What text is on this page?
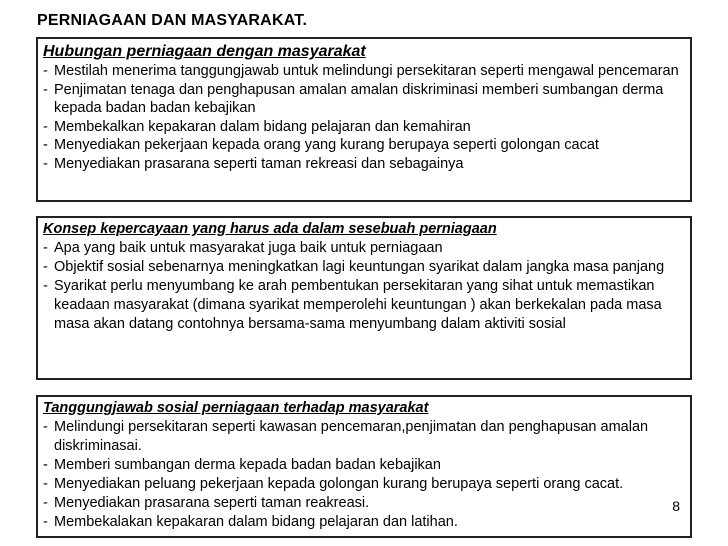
PERNIAGAAN DAN MASYARAKAT.
Hubungan perniagaan dengan masyarakat
- Mestilah menerima tanggungjawab untuk melindungi persekitaran seperti mengawal pencemaran
- Penjimatan tenaga dan penghapusan amalan amalan diskriminasi memberi sumbangan derma kepada badan badan kebajikan
- Membekalkan kepakaran dalam bidang pelajaran dan kemahiran
- Menyediakan pekerjaan kepada orang yang kurang berupaya seperti golongan cacat
- Menyediakan prasarana seperti taman rekreasi dan sebagainya
Konsep kepercayaan yang harus ada dalam sesebuah perniagaan
- Apa yang baik untuk masyarakat juga baik untuk perniagaan
- Objektif sosial sebenarnya meningkatkan lagi keuntungan syarikat dalam jangka masa panjang
- Syarikat perlu menyumbang ke arah pembentukan persekitaran yang sihat untuk memastikan keadaan masyarakat (dimana syarikat memperolehi keuntungan ) akan berkekalan pada masa masa akan datang contohnya bersama-sama menyumbang dalam aktiviti sosial
Tanggungjawab sosial perniagaan terhadap masyarakat
- Melindungi persekitaran seperti kawasan pencemaran,penjimatan dan penghapusan amalan diskriminasai.
- Memberi sumbangan derma kepada badan badan kebajikan
- Menyediakan peluang pekerjaan kepada golongan kurang berupaya seperti orang cacat.
- Menyediakan prasarana seperti taman reakreasi.
- Membekalakan kepakaran dalam bidang pelajaran dan latihan.
8
